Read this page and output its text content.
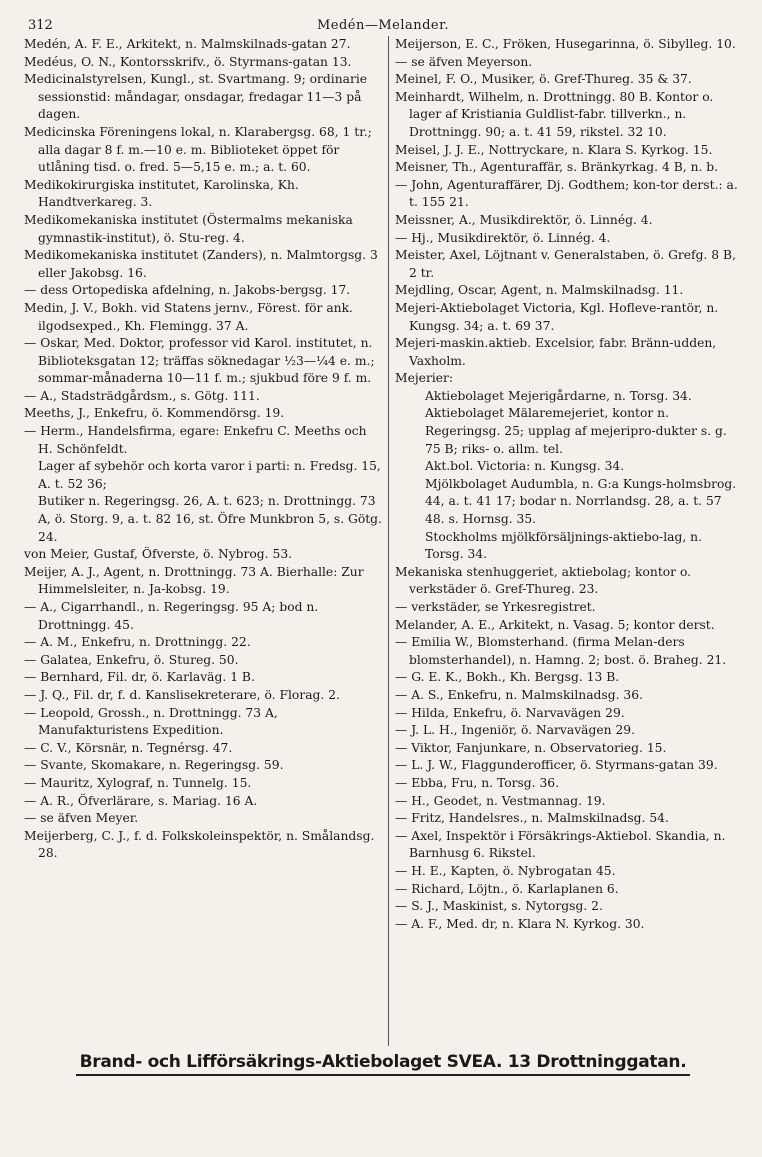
312	Medén—Melander.

Medén, A. F. E., Arkitekt, n. Malmskilnads-gatan 27.

Medéus, O. N., Kontorsskrifv., ö. Styrmans-gatan 13.

Medicinalstyrelsen, Kungl., st. Svartmang. 9; ordinarie sessionstid: måndagar, onsdagar, fredagar 11—3 på dagen.

Medicinska Föreningens lokal, n. Klarabergsg. 68, 1 tr.; alla dagar 8 f. m.—10 e. m. Biblioteket öppet för utlåning tisd. o. fred. 5—5,15 e. m.; a. t. 60.

Medikokirurgiska institutet, Karolinska, Kh. Handtverkareg. 3.

Medikomekaniska institutet (Östermalms mekaniska gymnastik-institut), ö. Stu-reg. 4.

Medikomekaniska institutet (Zanders), n. Malmtorgsg. 3 eller Jakobsg. 16.

— dess Ortopediska afdelning, n. Jakobs-bergsg. 17.

Medin, J. V., Bokh. vid Statens jernv., Förest. för ank. ilgodsexped., Kh. Flemingg. 37 A.

— Oskar, Med. Doktor, professor vid Karol. institutet, n. Biblioteksgatan 12; träffas söknedagar ½3—¼4 e. m.; sommar-månaderna 10—11 f. m.; sjukbud före 9 f. m.

— A., Stadsträdgårdsm., s. Götg. 111.

Meeths, J., Enkefru, ö. Kommendörsg. 19.

— Herm., Handelsfirma, egare: Enkefru C. Meeths och H. Schönfeldt.

Lager af sybehör och korta varor i parti: n. Fredsg. 15, A. t. 52 36;

Butiker n. Regeringsg. 26, A. t. 623; n. Drottningg. 73 A, ö. Storg. 9, a. t. 82 16, st. Öfre Munkbron 5, s. Götg. 24.

von Meier, Gustaf, Öfverste, ö. Nybrog. 53.

Meijer, A. J., Agent, n. Drottningg. 73 A. Bierhalle: Zur Himmelsleiter, n. Ja-kobsg. 19.

— A., Cigarrhandl., n. Regeringsg. 95 A; bod n. Drottningg. 45.

— A. M., Enkefru, n. Drottningg. 22.

— Galatea, Enkefru, ö. Stureg. 50.

— Bernhard, Fil. dr, ö. Karlaväg. 1 B.

— J. Q., Fil. dr, f. d. Kanslisekreterare, ö. Florag. 2.

— Leopold, Grossh., n. Drottningg. 73 A, Manufakturistens Expedition.

— C. V., Körsnär, n. Tegnérsg. 47.

— Svante, Skomakare, n. Regeringsg. 59.

— Mauritz, Xylograf, n. Tunnelg. 15.

— A. R., Öfverlärare, s. Mariag. 16 A.

— se äfven Meyer.

Meijerberg, C. J., f. d. Folkskoleinspektör, n. Smålandsg. 28.

Meijerson, E. C., Fröken, Husegarinna, ö. Sibylleg. 10.

— se äfven Meyerson.

Meinel, F. O., Musiker, ö. Gref-Thureg. 35 & 37.

Meinhardt, Wilhelm, n. Drottningg. 80 B. Kontor o. lager af Kristiania Guldlist-fabr. tillverkn., n. Drottningg. 90; a. t. 41 59, rikstel. 32 10.

Meisel, J. J. E., Nottryckare, n. Klara S. Kyrkog. 15.

Meisner, Th., Agenturaffär, s. Bränkyrkag. 4 B, n. b.

— John, Agenturaffärer, Dj. Godthem; kon-tor derst.: a. t. 155 21.

Meissner, A., Musikdirektör, ö. Linnég. 4.

— Hj., Musikdirektör, ö. Linnég. 4.

Meister, Axel, Löjtnant v. Generalstaben, ö. Grefg. 8 B, 2 tr.

Mejdling, Oscar, Agent, n. Malmskilnadsg. 11.

Mejeri-Aktiebolaget Victoria, Kgl. Hofleve-rantör, n. Kungsg. 34; a. t. 69 37.

Mejeri-maskin.aktieb. Excelsior, fabr. Bränn-udden, Vaxholm.

Mejerier:

Aktiebolaget Mejerigårdarne, n. Torsg. 34.

Aktiebolaget Mälaremejeriet, kontor n. Regeringsg. 25; upplag af mejeripro-dukter s. g. 75 B; riks- o. allm. tel.

Akt.bol. Victoria: n. Kungsg. 34.

Mjölkbolaget Audumbla, n. G:a Kungs-holmsbrog. 44, a. t. 41 17; bodar n. Norrlandsg. 28, a. t. 57 48. s. Hornsg. 35.

Stockholms mjölkförsäljnings-aktiebo-lag, n. Torsg. 34.

Mekaniska stenhuggeriet, aktiebolag; kontor o. verkstäder ö. Gref-Thureg. 23.

— verkstäder, se Yrkesregistret.

Melander, A. E., Arkitekt, n. Vasag. 5; kontor derst.

— Emilia W., Blomsterhand. (firma Melan-ders blomsterhandel), n. Hamng. 2; bost. ö. Braheg. 21.

— G. E. K., Bokh., Kh. Bergsg. 13 B.

— A. S., Enkefru, n. Malmskilnadsg. 36.

— Hilda, Enkefru, ö. Narvavägen 29.

— J. L. H., Ingeniör, ö. Narvavägen 29.

— Viktor, Fanjunkare, n. Observatorieg. 15.

— L. J. W., Flaggunderofficer, ö. Styrmans-gatan 39.

— Ebba, Fru, n. Torsg. 36.

— H., Geodet, n. Vestmannag. 19.

— Fritz, Handelsres., n. Malmskilnadsg. 54.

— Axel, Inspektör i Försäkrings-Aktiebol. Skandia, n. Barnhusg 6. Rikstel.

— H. E., Kapten, ö. Nybrogatan 45.

— Richard, Löjtn., ö. Karlaplanen 6.

— S. J., Maskinist, s. Nytorgsg. 2.

— A. F., Med. dr, n. Klara N. Kyrkog. 30.

Brand- och Lifförsäkrings-Aktiebolaget SVEA. 13 Drottninggatan.
